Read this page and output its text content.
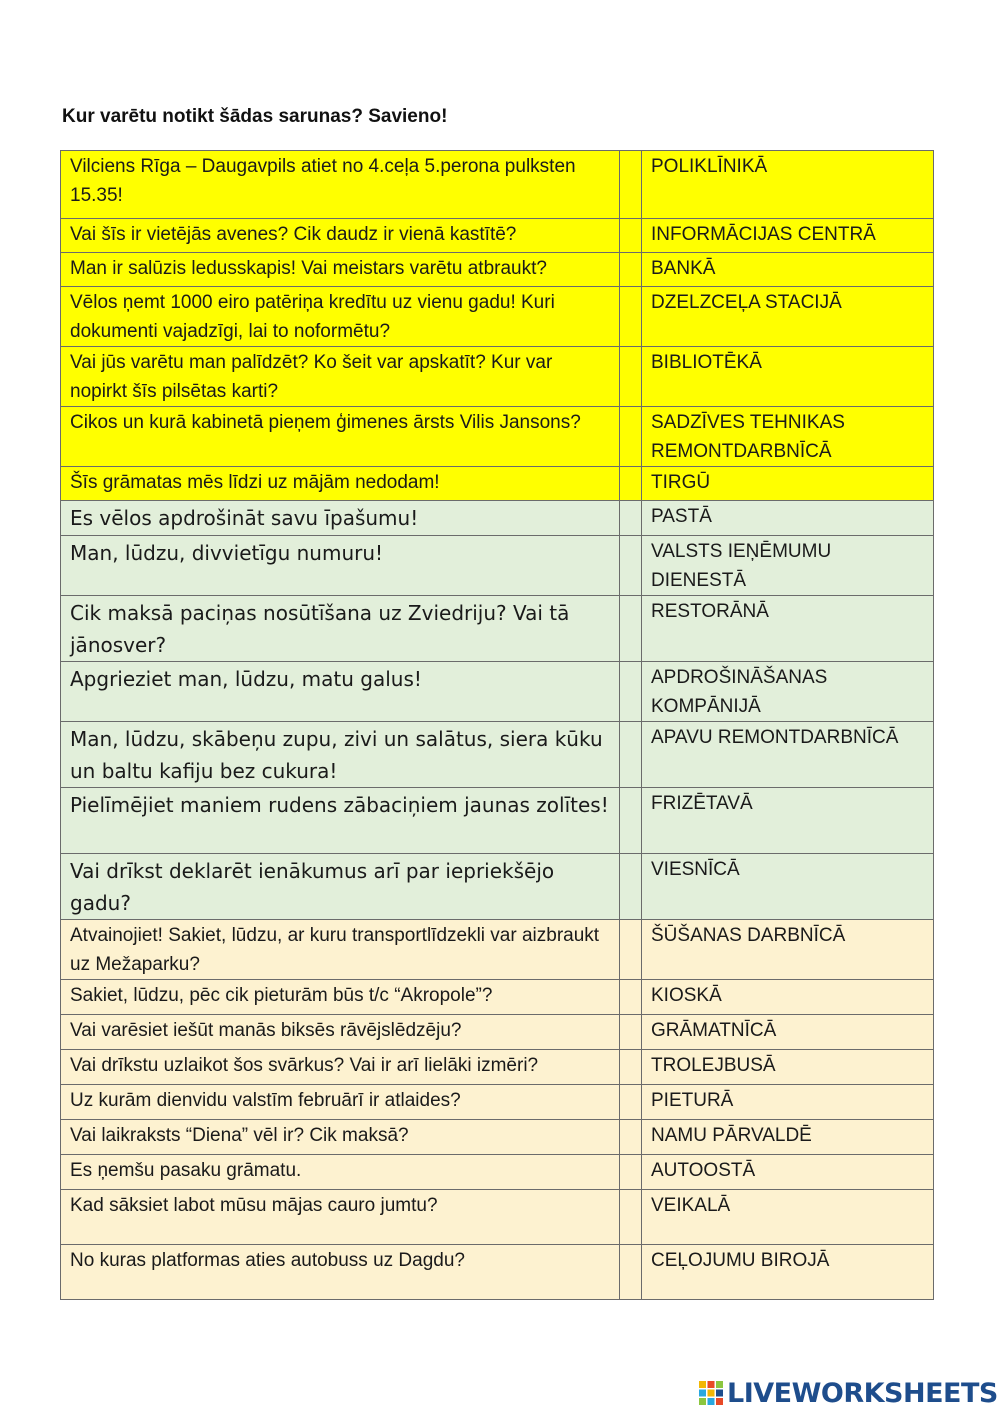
Kur varētu notikt šādas sarunas? Savieno!
Vilciens Rīga – Daugavpils atiet no 4.ceļa 5.perona pulksten 15.35!		POLIKLĪNIKĀ
Vai šīs ir vietējās avenes? Cik daudz ir vienā kastītē?		INFORMĀCIJAS CENTRĀ
Man ir salūzis ledusskapis! Vai meistars varētu atbraukt?		BANKĀ
Vēlos ņemt 1000 eiro patēriņa kredītu uz vienu gadu! Kuri dokumenti vajadzīgi, lai to noformētu?		DZELZCEĻA STACIJĀ
Vai jūs varētu man palīdzēt? Ko šeit var apskatīt? Kur var nopirkt šīs pilsētas karti?		BIBLIOTĒKĀ
Cikos un kurā kabinetā pieņem ģimenes ārsts Vilis Jansons?		SADZĪVES TEHNIKAS REMONTDARBNĪCĀ
Šīs grāmatas mēs līdzi uz mājām nedodam!		TIRGŪ
Es vēlos apdrošināt savu īpašumu!		PASTĀ
Man, lūdzu, divvietīgu numuru!		VALSTS IEŅĒMUMU DIENESTĀ
Cik maksā paciņas nosūtīšana uz Zviedriju? Vai tā jānosver?		RESTORĀNĀ
Apgrieziet man, lūdzu, matu galus!		APDROŠINĀŠANAS KOMPĀNIJĀ
Man, lūdzu, skābeņu zupu, zivi un salātus, siera kūku un baltu kafiju bez cukura!		APAVU REMONTDARBNĪCĀ
Pielīmējiet maniem rudens zābaciņiem jaunas zolītes!		FRIZĒTAVĀ
Vai drīkst deklarēt ienākumus arī par iepriekšējo gadu?		VIESNĪCĀ
Atvainojiet! Sakiet, lūdzu, ar kuru transportlīdzekli var aizbraukt uz Mežaparku?		ŠŪŠANAS DARBNĪCĀ
Sakiet, lūdzu, pēc cik pieturām būs t/c “Akropole”?		KIOSKĀ
Vai varēsiet iešūt manās biksēs rāvējslēdzēju?		GRĀMATNĪCĀ
Vai drīkstu uzlaikot šos svārkus? Vai ir arī lielāki izmēri?		TROLEJBUSĀ
Uz kurām dienvidu valstīm februārī ir atlaides?		PIETURĀ
Vai laikraksts “Diena” vēl ir? Cik maksā?		NAMU PĀRVALDĒ
Es ņemšu pasaku grāmatu.		AUTOOSTĀ
Kad sāksiet labot mūsu mājas cauro jumtu?		VEIKALĀ
No kuras platformas aties autobuss uz Dagdu?		CEĻOJUMU BIROJĀ
LIVEWORKSHEETS
